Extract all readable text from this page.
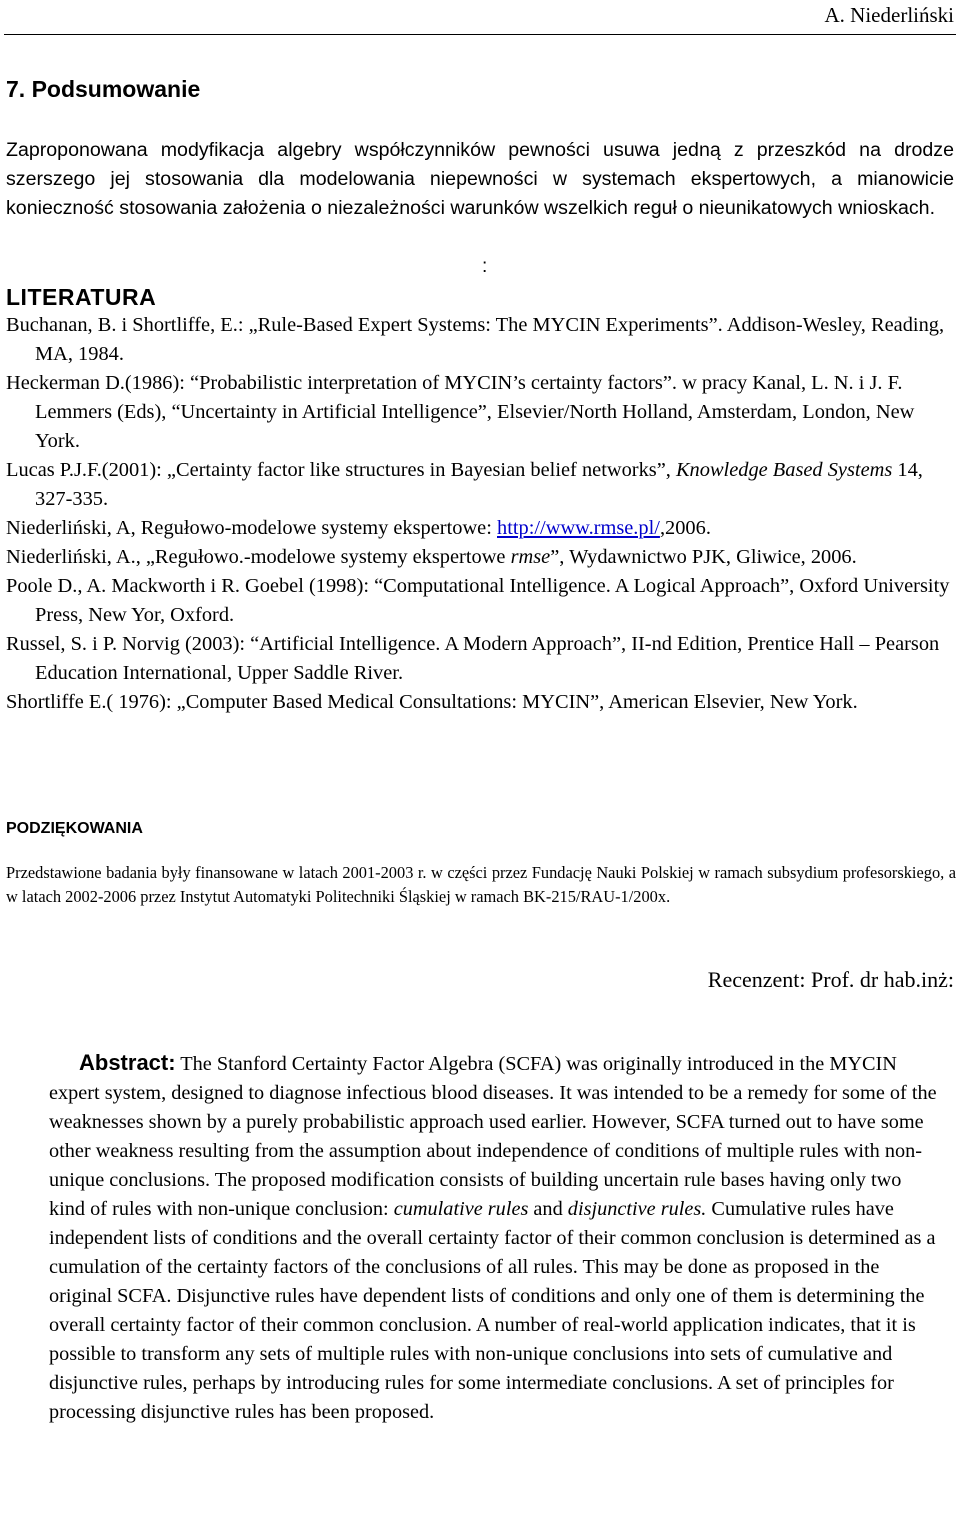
A. Niederliński
7. Podsumowanie
Zaproponowana modyfikacja algebry współczynników pewności usuwa jedną z przeszkód na drodze szerszego jej stosowania dla modelowania niepewności w systemach ekspertowych, a mianowicie konieczność stosowania założenia o niezależności warunków wszelkich reguł o nieunikatowych wnioskach.
:
LITERATURA

Buchanan, B. i Shortliffe, E.: „Rule-Based Expert Systems: The MYCIN Experiments”. Addison-Wesley, Reading, MA, 1984.

Heckerman D.(1986): “Probabilistic interpretation of MYCIN’s certainty factors”. w pracy Kanal, L. N. i J. F. Lemmers (Eds), “Uncertainty in Artificial Intelligence”, Elsevier/North Holland, Amsterdam, London, New York.

Lucas P.J.F.(2001): „Certainty factor like structures in Bayesian belief networks”, Knowledge Based Systems 14, 327-335.

Niederliński, A, Regułowo-modelowe systemy ekspertowe: http://www.rmse.pl/,2006.

Niederliński, A., „Regułowo.-modelowe systemy ekspertowe rmse”, Wydawnictwo PJK, Gliwice, 2006.

Poole D., A. Mackworth i R. Goebel (1998): “Computational Intelligence. A Logical Approach”, Oxford University Press, New Yor, Oxford.

Russel, S. i P. Norvig (2003): “Artificial Intelligence. A Modern Approach”, II-nd Edition, Prentice Hall – Pearson Education International, Upper Saddle River.

Shortliffe E.( 1976): „Computer Based Medical Consultations: MYCIN”, American Elsevier, New York.

PODZIĘKOWANIA
Przedstawione badania były finansowane w latach 2001-2003 r. w części przez Fundację Nauki Polskiej w ramach subsydium profesorskiego, a w latach 2002-2006 przez Instytut Automatyki Politechniki Śląskiej w ramach BK-215/RAU-1/200x.
Recenzent: Prof. dr hab.inż:
Abstract: The Stanford Certainty Factor Algebra (SCFA) was originally introduced in the MYCIN expert system, designed to diagnose infectious blood diseases. It was intended to be a remedy for some of the weaknesses shown by a purely probabilistic approach used earlier. However, SCFA turned out to have some other weakness resulting from the assumption about independence of conditions of multiple rules with non-unique conclusions. The proposed modification consists of building uncertain rule bases having only two kind of rules with non-unique conclusion: cumulative rules and disjunctive rules. Cumulative rules have independent lists of conditions and the overall certainty factor of their common conclusion is determined as a cumulation of the certainty factors of the conclusions of all rules. This may be done as proposed in the original SCFA. Disjunctive rules have dependent lists of conditions and only one of them is determining the overall certainty factor of their common conclusion. A number of real-world application indicates, that it is possible to transform any sets of multiple rules with non-unique conclusions into sets of cumulative and disjunctive rules, perhaps by introducing rules for some intermediate conclusions. A set of principles for processing disjunctive rules has been proposed.
